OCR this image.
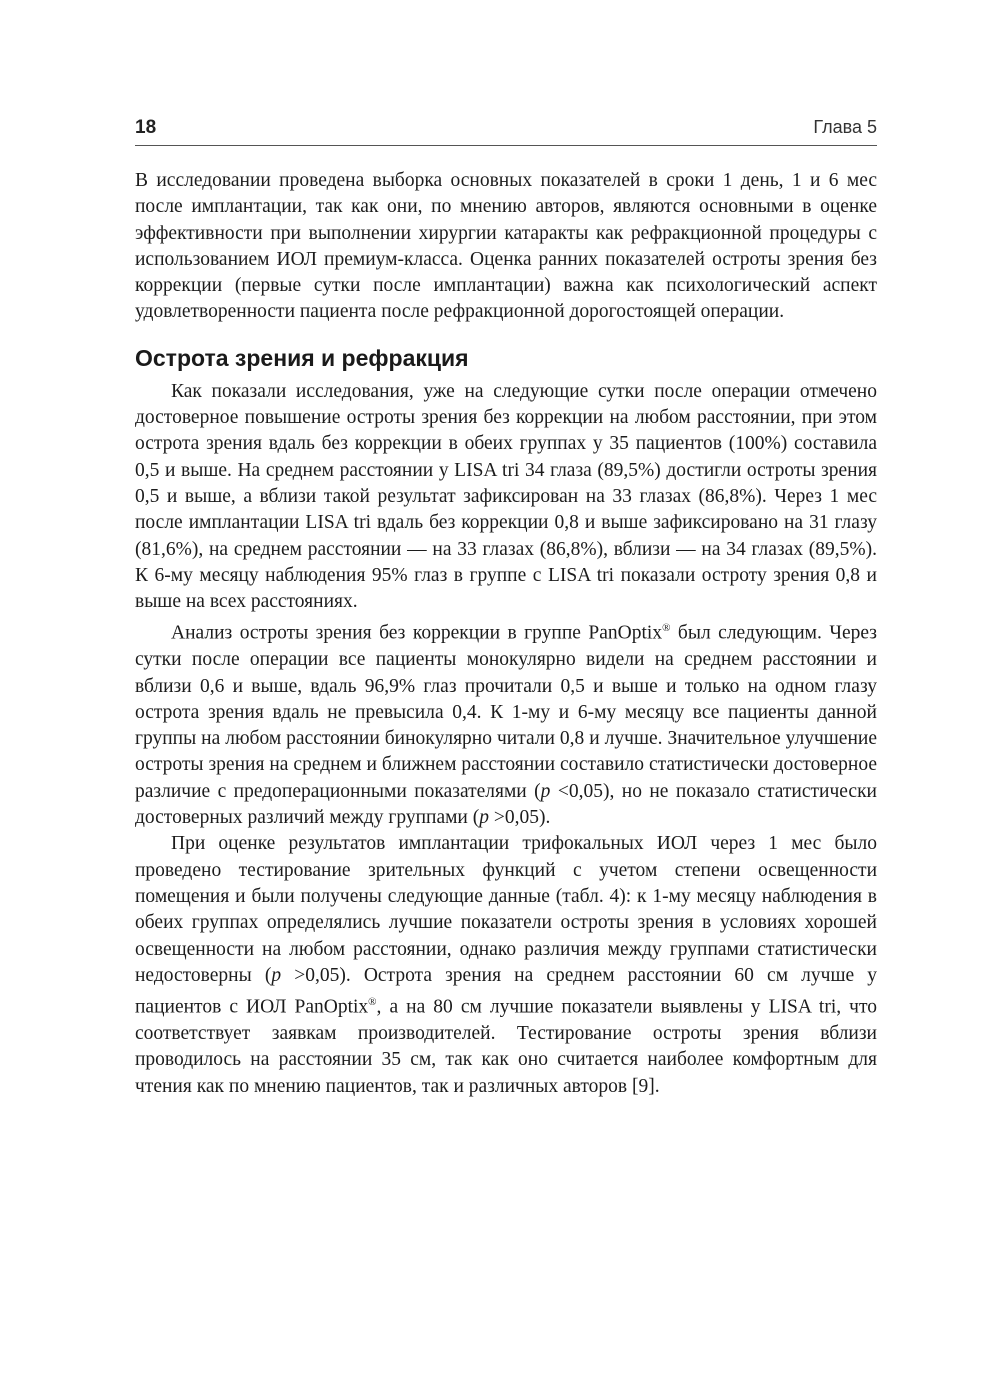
18	Глава 5

В исследовании проведена выборка основных показателей в сроки 1 день, 1 и 6 мес после имплантации, так как они, по мнению авторов, являются основными в оценке эффективности при выполнении хирургии катаракты как рефракционной процедуры с использованием ИОЛ премиум-класса. Оценка ранних показателей остроты зрения без коррекции (первые сутки после имплантации) важна как психологический аспект удовлетворенности пациента после рефракционной дорогостоящей операции.

Острота зрения и рефракция

Как показали исследования, уже на следующие сутки после операции отмечено достоверное повышение остроты зрения без коррекции на любом расстоянии, при этом острота зрения вдаль без коррекции в обеих группах у 35 пациентов (100%) составила 0,5 и выше. На среднем расстоянии у LISA tri 34 глаза (89,5%) достигли остроты зрения 0,5 и выше, а вблизи такой результат зафиксирован на 33 глазах (86,8%). Через 1 мес после имплантации LISA tri вдаль без коррекции 0,8 и выше зафиксировано на 31 глазу (81,6%), на среднем расстоянии — на 33 глазах (86,8%), вблизи — на 34 глазах (89,5%). К 6-му месяцу наблюдения 95% глаз в группе с LISA tri показали остроту зрения 0,8 и выше на всех расстояниях.

Анализ остроты зрения без коррекции в группе PanOptix® был следующим. Через сутки после операции все пациенты монокулярно видели на среднем расстоянии и вблизи 0,6 и выше, вдаль 96,9% глаз прочитали 0,5 и выше и только на одном глазу острота зрения вдаль не превысила 0,4. К 1-му и 6-му месяцу все пациенты данной группы на любом расстоянии бинокулярно читали 0,8 и лучше. Значительное улучшение остроты зрения на среднем и ближнем расстоянии составило статистически достоверное различие с предоперационными показателями (p <0,05), но не показало статистически достоверных различий между группами (p >0,05).

При оценке результатов имплантации трифокальных ИОЛ через 1 мес было проведено тестирование зрительных функций с учетом степени освещенности помещения и были получены следующие данные (табл. 4): к 1-му месяцу наблюдения в обеих группах определялись лучшие показатели остроты зрения в условиях хорошей освещенности на любом расстоянии, однако различия между группами статистически недостоверны (p >0,05). Острота зрения на среднем расстоянии 60 см лучше у пациентов с ИОЛ PanOptix®, а на 80 см лучшие показатели выявлены у LISA tri, что соответствует заявкам производителей. Тестирование остроты зрения вблизи проводилось на расстоянии 35 см, так как оно считается наиболее комфортным для чтения как по мнению пациентов, так и различных авторов [9].
